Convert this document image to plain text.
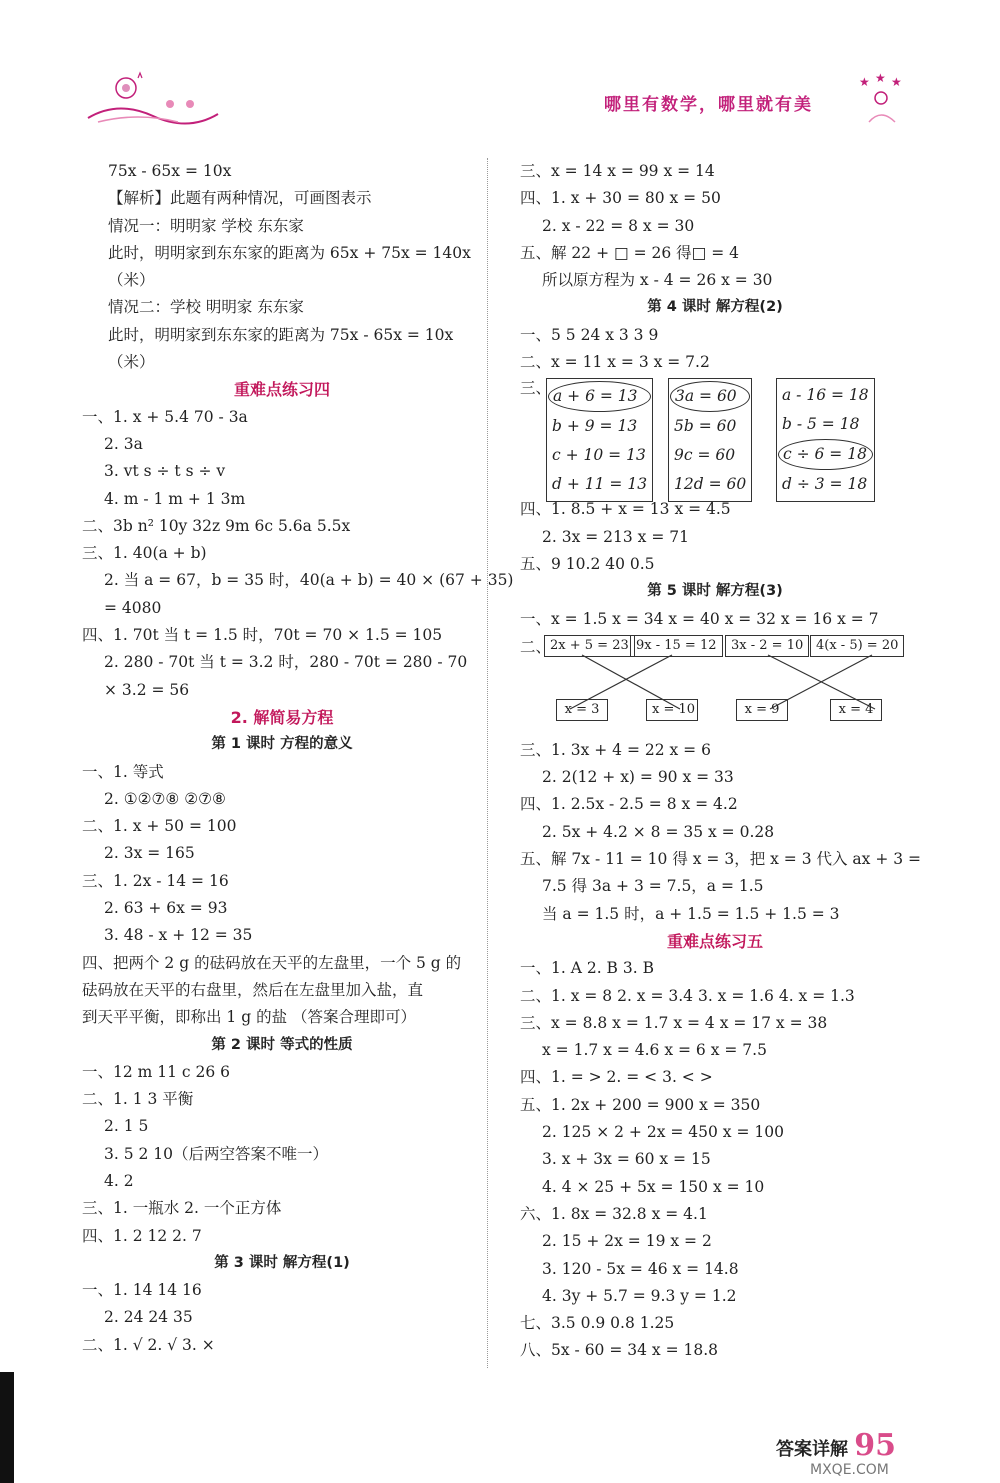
哪里有数学，哪里就有美
★ ★ ★
75x - 65x = 10x
【解析】此题有两种情况，可画图表示
情况一：明明家 学校 东东家
此时，明明家到东东家的距离为 65x + 75x = 140x
（米）
情况二：学校 明明家 东东家
此时，明明家到东东家的距离为 75x - 65x = 10x
（米）
重难点练习四
一、1. x + 5.4 70 - 3a
2. 3a
3. vt s ÷ t s ÷ v
4. m - 1 m + 1 3m
二、3b n² 10y 32z 9m 6c 5.6a 5.5x
三、1. 40(a + b)
2. 当 a = 67，b = 35 时，40(a + b) = 40 × (67 + 35)
= 4080
四、1. 70t 当 t = 1.5 时，70t = 70 × 1.5 = 105
2. 280 - 70t 当 t = 3.2 时，280 - 70t = 280 - 70
× 3.2 = 56
2. 解简易方程
第 1 课时 方程的意义
一、1. 等式
2. ①②⑦⑧ ②⑦⑧
二、1. x + 50 = 100
2. 3x = 165
三、1. 2x - 14 = 16
2. 63 + 6x = 93
3. 48 - x + 12 = 35
四、把两个 2 g 的砝码放在天平的左盘里，一个 5 g 的
砝码放在天平的右盘里，然后在左盘里加入盐，直
到天平平衡，即称出 1 g 的盐 （答案合理即可）
第 2 课时 等式的性质
一、12 m 11 c 26 6
二、1. 1 3 平衡
2. 1 5
3. 5 2 10（后两空答案不唯一）
4. 2
三、1. 一瓶水 2. 一个正方体
四、1. 2 12 2. 7
第 3 课时 解方程(1)
一、1. 14 14 16
2. 24 24 35
二、1. √ 2. √ 3. ×
三、x = 14 x = 99 x = 14
四、1. x + 30 = 80 x = 50
2. x - 22 = 8 x = 30
五、解 22 + □ = 26 得□ = 4
所以原方程为 x - 4 = 26 x = 30
第 4 课时 解方程(2)
一、5 5 24 x 3 3 9
二、x = 11 x = 3 x = 7.2
三、 a + 6 = 13
b + 9 = 13
c + 10 = 13
d + 11 = 13
3a = 60
5b = 60
9c = 60
12d = 60
a - 16 = 18
b - 5 = 18
c ÷ 6 = 18
d ÷ 3 = 18
四、1. 8.5 + x = 13 x = 4.5
2. 3x = 213 x = 71
五、9 10.2 40 0.5
第 5 课时 解方程(3)
一、x = 1.5 x = 34 x = 40 x = 32 x = 16 x = 7
二、
2x + 5 = 23 9x - 15 = 12	3x - 2 = 10 4(x - 5) = 20
x = 3	x = 10	x = 9	x = 4
三、1. 3x + 4 = 22 x = 6
2. 2(12 + x) = 90 x = 33
四、1. 2.5x - 2.5 = 8 x = 4.2
2. 5x + 4.2 × 8 = 35 x = 0.28
五、解 7x - 11 = 10 得 x = 3，把 x = 3 代入 ax + 3 =
7.5 得 3a + 3 = 7.5，a = 1.5
当 a = 1.5 时，a + 1.5 = 1.5 + 1.5 = 3
重难点练习五
一、1. A 2. B 3. B
二、1. x = 8 2. x = 3.4 3. x = 1.6 4. x = 1.3
三、x = 8.8 x = 1.7 x = 4 x = 17 x = 38
x = 1.7 x = 4.6 x = 6 x = 7.5
四、1. = > 2. = < 3. < >
五、1. 2x + 200 = 900 x = 350
2. 125 × 2 + 2x = 450 x = 100
3. x + 3x = 60 x = 15
4. 4 × 25 + 5x = 150 x = 10
六、1. 8x = 32.8 x = 4.1
2. 15 + 2x = 19 x = 2
3. 120 - 5x = 46 x = 14.8
4. 3y + 5.7 = 9.3 y = 1.2
七、3.5 0.9 0.8 1.25
八、5x - 60 = 34 x = 18.8
答案详解 95
MXQE.COM
